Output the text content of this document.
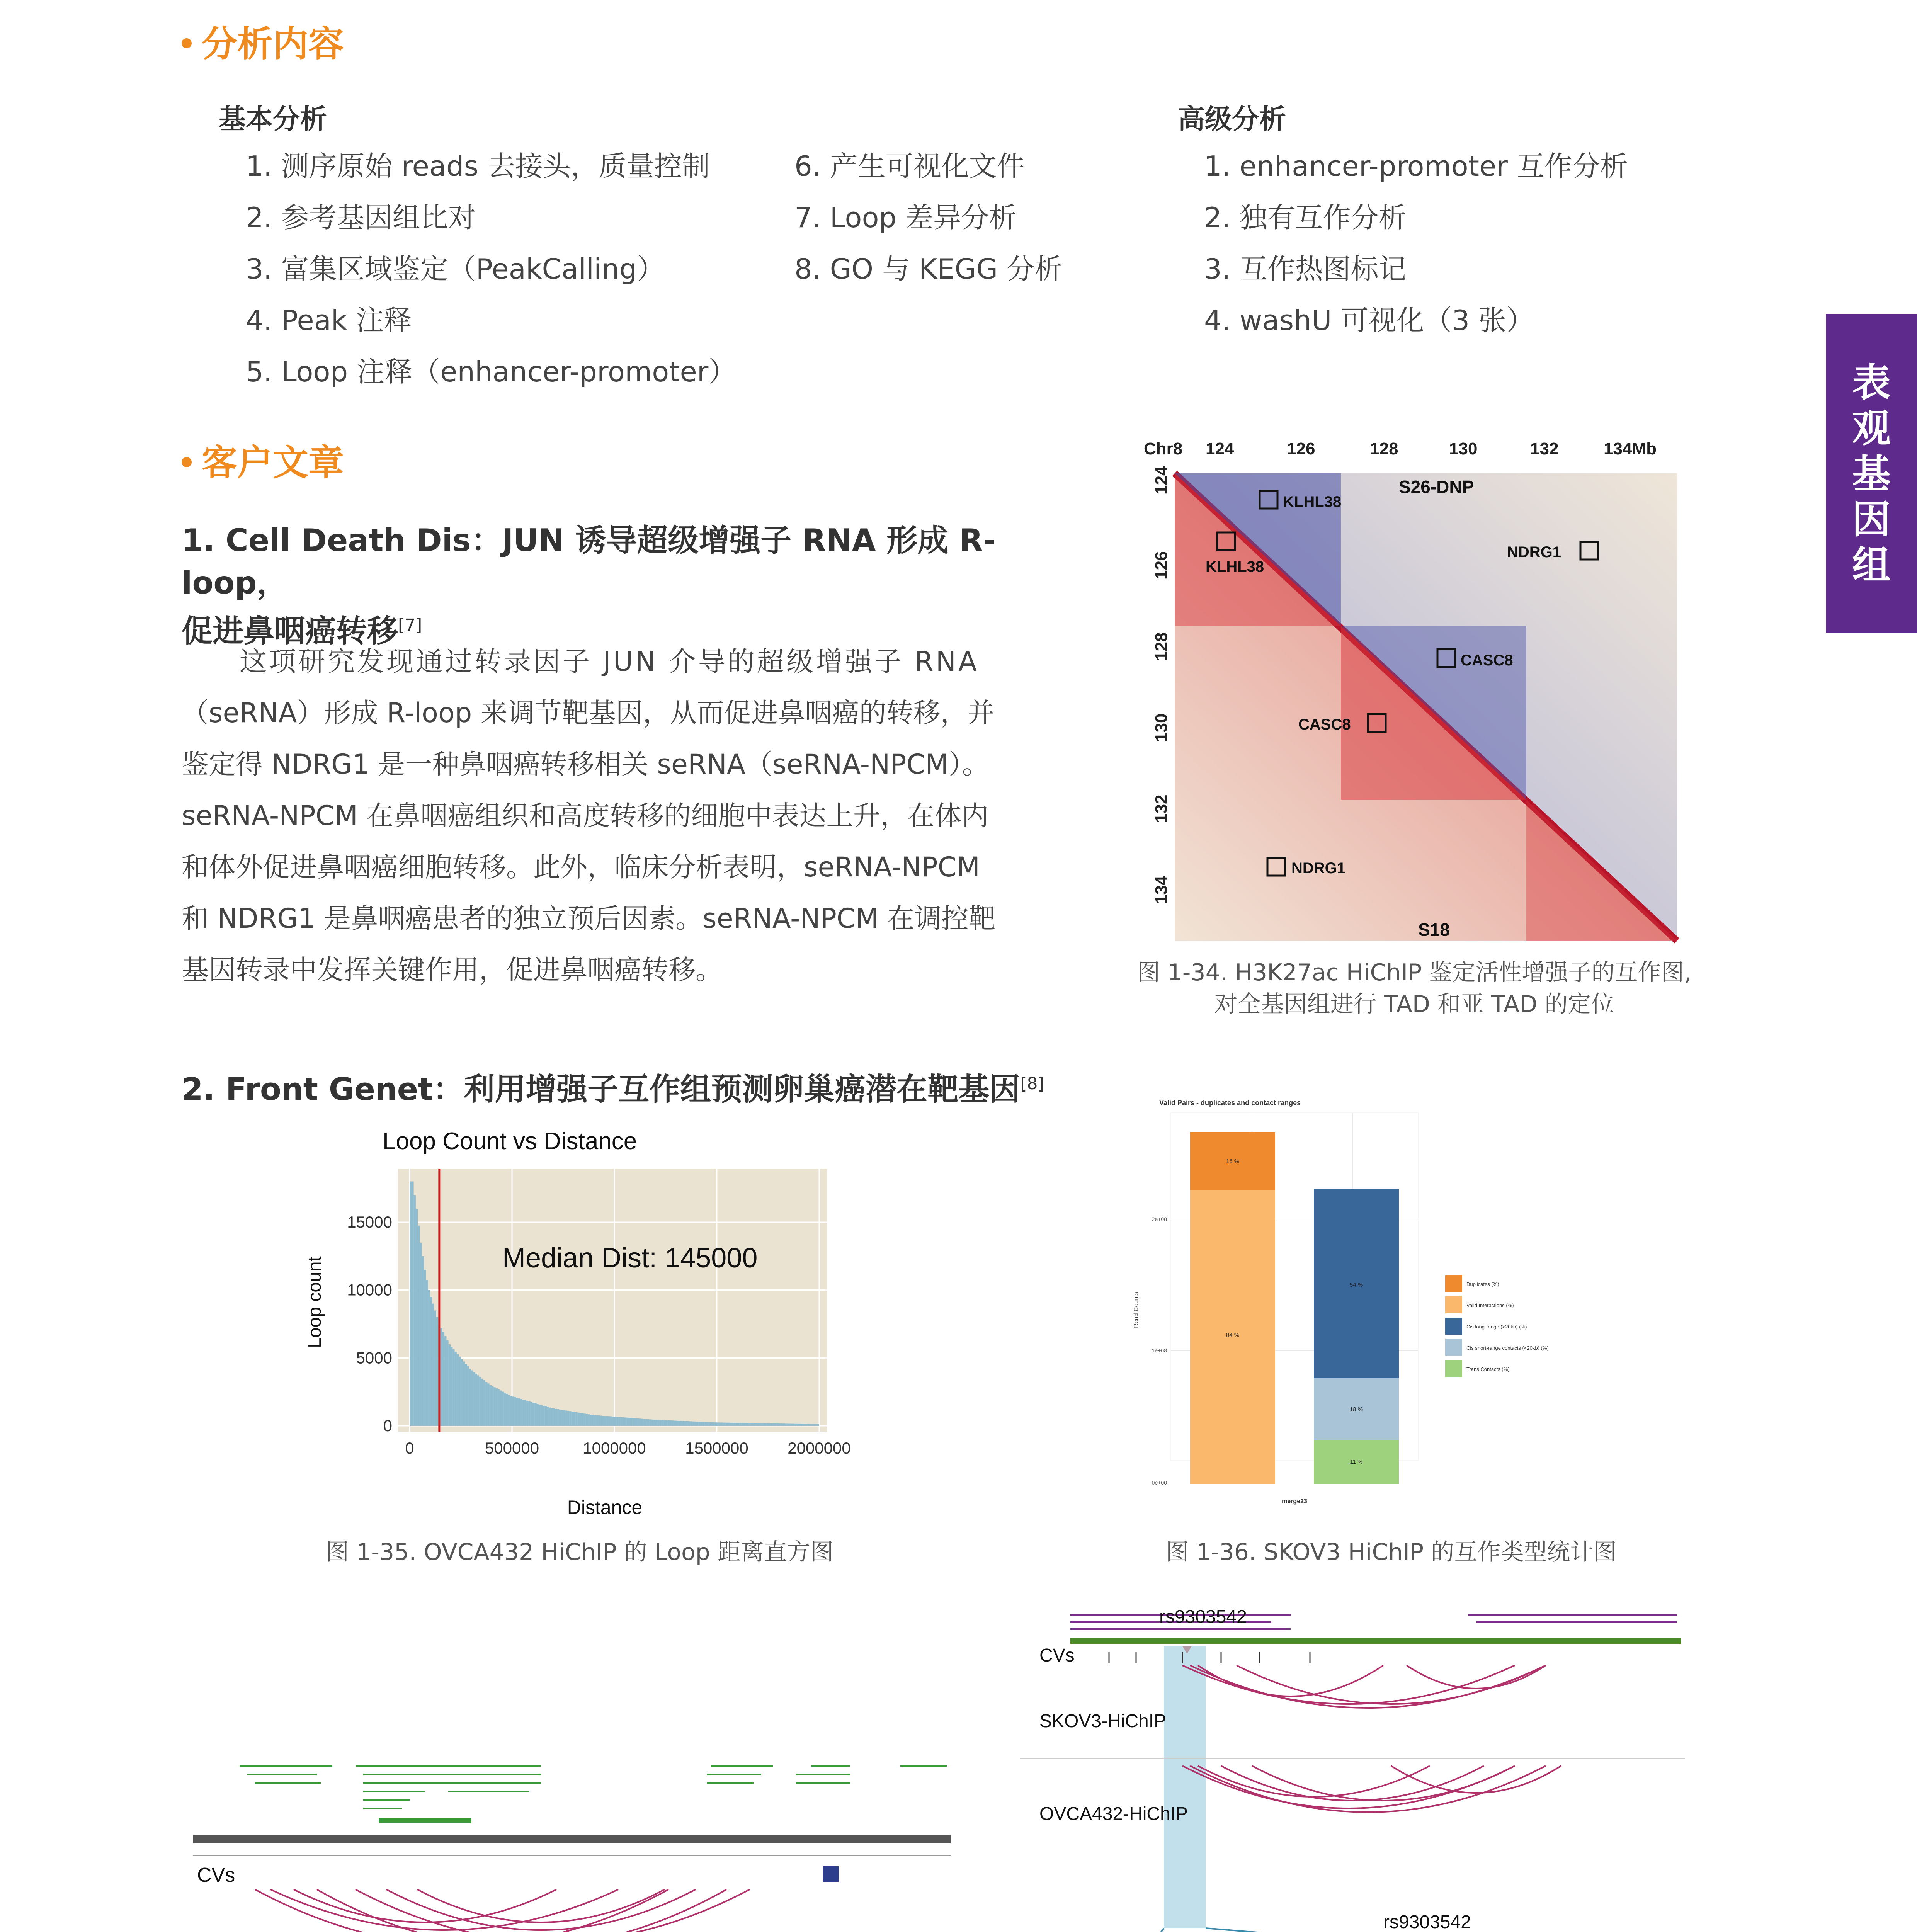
分析内容
基本分析	高级分析
1. 测序原始 reads 去接头，质量控制
2. 参考基因组比对
3. 富集区域鉴定（PeakCalling）
4. Peak 注释
5. Loop 注释（enhancer-promoter）
6. 产生可视化文件
7. Loop 差异分析
8. GO 与 KEGG 分析
1. enhancer-promoter 互作分析
2. 独有互作分析
3. 互作热图标记
4. washU 可视化（3 张）
表
观
基
因
组
客户文章
1. Cell Death Dis：JUN 诱导超级增强子 RNA 形成 R-loop，
促进鼻咽癌转移[7]
这项研究发现通过转录因子 JUN 介导的超级增强子 RNA
（seRNA）形成 R-loop 来调节靶基因，从而促进鼻咽癌的转移，并
鉴定得 NDRG1 是一种鼻咽癌转移相关 seRNA（seRNA-NPCM）。
seRNA-NPCM 在鼻咽癌组织和高度转移的细胞中表达上升，在体内
和体外促进鼻咽癌细胞转移。此外，临床分析表明，seRNA-NPCM
和 NDRG1 是鼻咽癌患者的独立预后因素。seRNA-NPCM 在调控靶
基因转录中发挥关键作用，促进鼻咽癌转移。
2. Front Genet：利用增强子互作组预测卵巢癌潜在靶基因[8]
Chr8 124	126	128	130	132	134Mb
124
126
128
130
132
134
KLHL38
KLHL38
NDRG1
CASC8
CASC8
NDRG1
S26-DNP
S18
图 1-34. H3K27ac HiChIP 鉴定活性增强子的互作图,
对全基因组进行 TAD 和亚 TAD 的定位
Loop Count vs Distance
Median Dist: 145000
0
5000
10000
15000
0	500000	1000000 1500000 2000000
Loop count
Distance
图 1-35. OVCA432 HiChIP 的 Loop 距离直方图
Valid Pairs - duplicates and contact ranges
0e+00
1e+08
2e+08
Read Counts
16 %
84 %
54 %
18 %
11 %
merge23
Duplicates (%)
Valid Interactions (%)
Cis long-range (>20kb) (%)
Cis short-range contacts (<20kb) (%)
Trans Contacts (%)
图 1-36. SKOV3 HiChIP 的互作类型统计图
CVs
rs9303542
CVs
SKOV3-HiChIP
OVCA432-HiChIP
rs9303542
